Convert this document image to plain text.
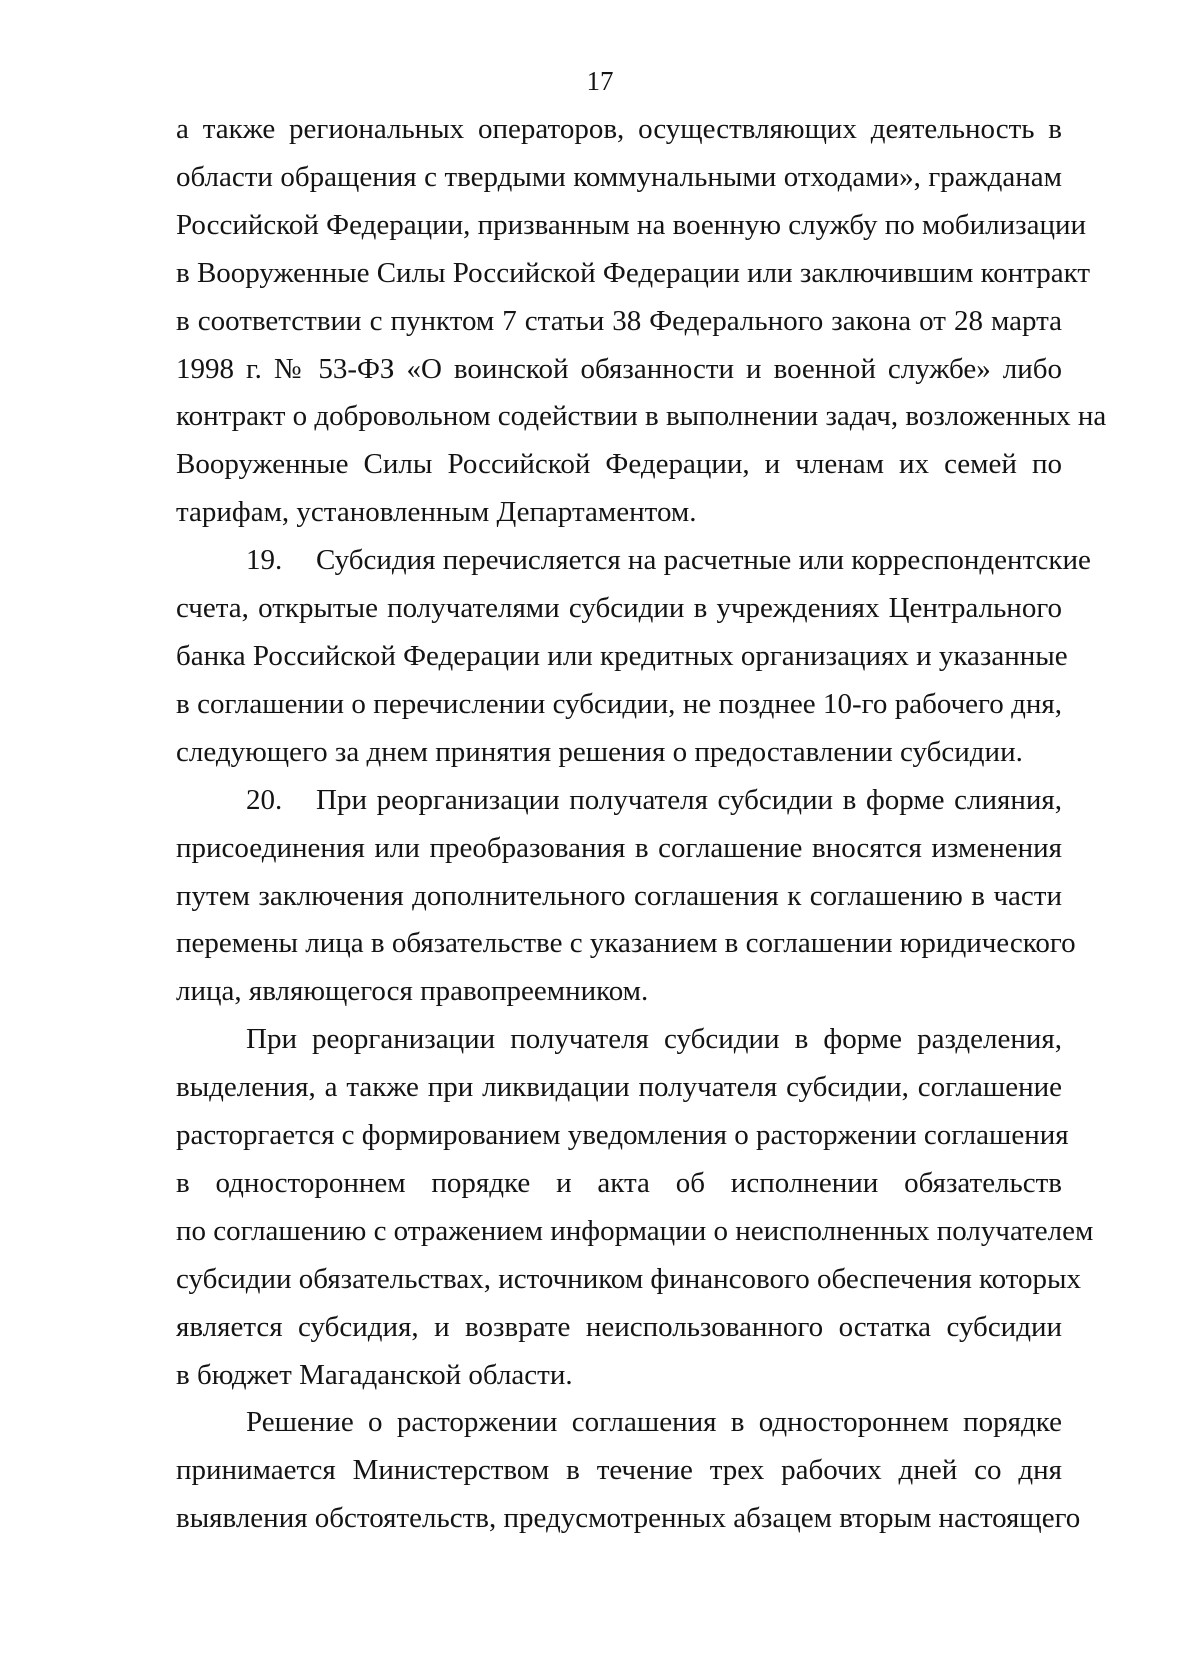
17
а также региональных операторов, осуществляющих деятельность в
области обращения с твердыми коммунальными отходами», гражданам
Российской Федерации, призванным на военную службу по мобилизации
в Вооруженные Силы Российской Федерации или заключившим контракт
в соответствии с пунктом 7 статьи 38 Федерального закона от 28 марта
1998 г. № 53-ФЗ «О воинской обязанности и военной службе» либо
контракт о добровольном содействии в выполнении задач, возложенных на
Вооруженные Силы Российской Федерации, и членам их семей по
тарифам, установленным Департаментом.
19. Субсидия перечисляется на расчетные или корреспондентские
счета, открытые получателями субсидии в учреждениях Центрального
банка Российской Федерации или кредитных организациях и указанные
в соглашении о перечислении субсидии, не позднее 10-го рабочего дня,
следующего за днем принятия решения о предоставлении субсидии.
20. При реорганизации получателя субсидии в форме слияния,
присоединения или преобразования в соглашение вносятся изменения
путем заключения дополнительного соглашения к соглашению в части
перемены лица в обязательстве с указанием в соглашении юридического
лица, являющегося правопреемником.
При реорганизации получателя субсидии в форме разделения,
выделения, а также при ликвидации получателя субсидии, соглашение
расторгается с формированием уведомления о расторжении соглашения
в одностороннем порядке и акта об исполнении обязательств
по соглашению с отражением информации о неисполненных получателем
субсидии обязательствах, источником финансового обеспечения которых
является субсидия, и возврате неиспользованного остатка субсидии
в бюджет Магаданской области.
Решение о расторжении соглашения в одностороннем порядке
принимается Министерством в течение трех рабочих дней со дня
выявления обстоятельств, предусмотренных абзацем вторым настоящего
